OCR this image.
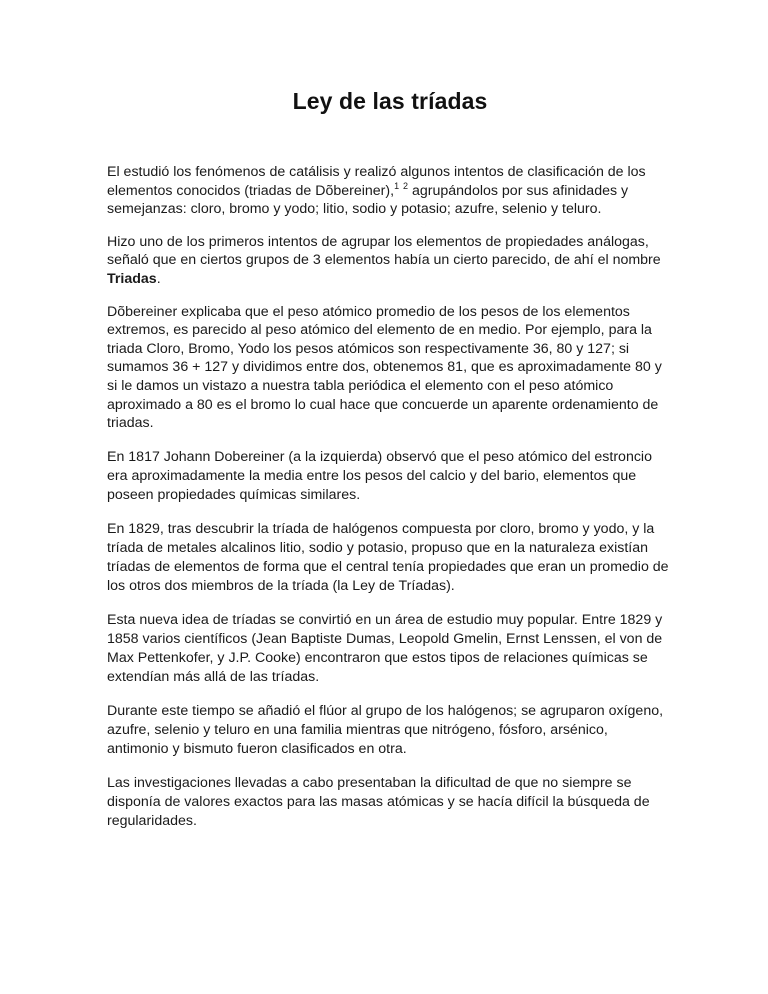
Ley de las tríadas

El estudió los fenómenos de catálisis y realizó algunos intentos de clasificación de los elementos conocidos (triadas de Dõbereiner),$^1$ $^2$ agrupándolos por sus afinidades y semejanzas: cloro, bromo y yodo; litio, sodio y potasio; azufre, selenio y teluro.

Hizo uno de los primeros intentos de agrupar los elementos de propiedades análogas, señaló que en ciertos grupos de 3 elementos había un cierto parecido, de ahí el nombre Triadas.

Dõbereiner explicaba que el peso atómico promedio de los pesos de los elementos extremos, es parecido al peso atómico del elemento de en medio. Por ejemplo, para la triada Cloro, Bromo, Yodo los pesos atómicos son respectivamente 36, 80 y 127; si sumamos 36 + 127 y dividimos entre dos, obtenemos 81, que es aproximadamente 80 y si le damos un vistazo a nuestra tabla periódica el elemento con el peso atómico aproximado a 80 es el bromo lo cual hace que concuerde un aparente ordenamiento de triadas.

En 1817 Johann Dobereiner (a la izquierda) observó que el peso atómico del estroncio era aproximadamente la media entre los pesos del calcio y del bario, elementos que poseen propiedades químicas similares.

En 1829, tras descubrir la tríada de halógenos compuesta por cloro, bromo y yodo, y la tríada de metales alcalinos litio, sodio y potasio, propuso que en la naturaleza existían tríadas de elementos de forma que el central tenía propiedades que eran un promedio de los otros dos miembros de la tríada (la Ley de Tríadas).

Esta nueva idea de tríadas se convirtió en un área de estudio muy popular. Entre 1829 y 1858 varios científicos (Jean Baptiste Dumas, Leopold Gmelin, Ernst Lenssen, el von de Max Pettenkofer, y J.P. Cooke) encontraron que estos tipos de relaciones químicas se extendían más allá de las tríadas.

Durante este tiempo se añadió el flúor al grupo de los halógenos; se agruparon oxígeno, azufre, selenio y teluro en una familia mientras que nitrógeno, fósforo, arsénico, antimonio y bismuto fueron clasificados en otra.

Las investigaciones llevadas a cabo presentaban la dificultad de que no siempre se disponía de valores exactos para las masas atómicas y se hacía difícil la búsqueda de regularidades.
